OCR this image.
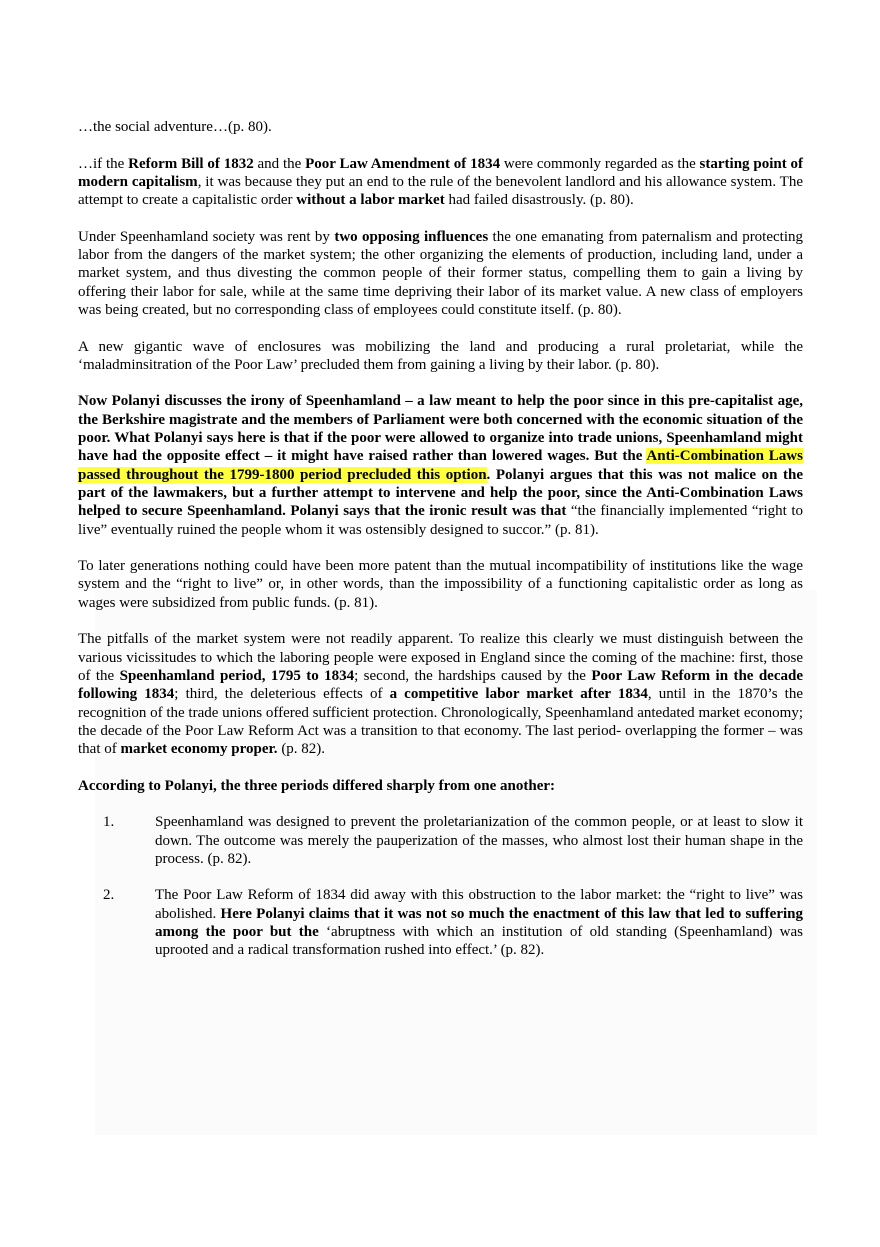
…the social adventure…(p. 80).

…if the Reform Bill of 1832 and the Poor Law Amendment of 1834 were commonly regarded as the starting point of modern capitalism, it was because they put an end to the rule of the benevolent landlord and his allowance system. The attempt to create a capitalistic order without a labor market had failed disastrously. (p. 80).

Under Speenhamland society was rent by two opposing influences the one emanating from paternalism and protecting labor from the dangers of the market system; the other organizing the elements of production, including land, under a market system, and thus divesting the common people of their former status, compelling them to gain a living by offering their labor for sale, while at the same time depriving their labor of its market value. A new class of employers was being created, but no corresponding class of employees could constitute itself. (p. 80).

A new gigantic wave of enclosures was mobilizing the land and producing a rural proletariat, while the ‘maladminsitration of the Poor Law’ precluded them from gaining a living by their labor. (p. 80).

Now Polanyi discusses the irony of Speenhamland – a law meant to help the poor since in this pre-capitalist age, the Berkshire magistrate and the members of Parliament were both concerned with the economic situation of the poor. What Polanyi says here is that if the poor were allowed to organize into trade unions, Speenhamland might have had the opposite effect – it might have raised rather than lowered wages. But the Anti-Combination Laws passed throughout the 1799-1800 period precluded this option. Polanyi argues that this was not malice on the part of the lawmakers, but a further attempt to intervene and help the poor, since the Anti-Combination Laws helped to secure Speenhamland. Polanyi says that the ironic result was that “the financially implemented “right to live” eventually ruined the people whom it was ostensibly designed to succor.” (p. 81).

To later generations nothing could have been more patent than the mutual incompatibility of institutions like the wage system and the “right to live” or, in other words, than the impossibility of a functioning capitalistic order as long as wages were subsidized from public funds. (p. 81).

The pitfalls of the market system were not readily apparent. To realize this clearly we must distinguish between the various vicissitudes to which the laboring people were exposed in England since the coming of the machine: first, those of the Speenhamland period, 1795 to 1834; second, the hardships caused by the Poor Law Reform in the decade following 1834; third, the deleterious effects of a competitive labor market after 1834, until in the 1870’s the recognition of the trade unions offered sufficient protection. Chronologically, Speenhamland antedated market economy; the decade of the Poor Law Reform Act was a transition to that economy. The last period- overlapping the former – was that of market economy proper. (p. 82).

According to Polanyi, the three periods differed sharply from one another:

1.	Speenhamland was designed to prevent the proletarianization of the common people, or at least to slow it down. The outcome was merely the pauperization of the masses, who almost lost their human shape in the process. (p. 82).
2.	The Poor Law Reform of 1834 did away with this obstruction to the labor market: the “right to live” was abolished. Here Polanyi claims that it was not so much the enactment of this law that led to suffering among the poor but the ‘abruptness with which an institution of old standing (Speenhamland) was uprooted and a radical transformation rushed into effect.’ (p. 82).
